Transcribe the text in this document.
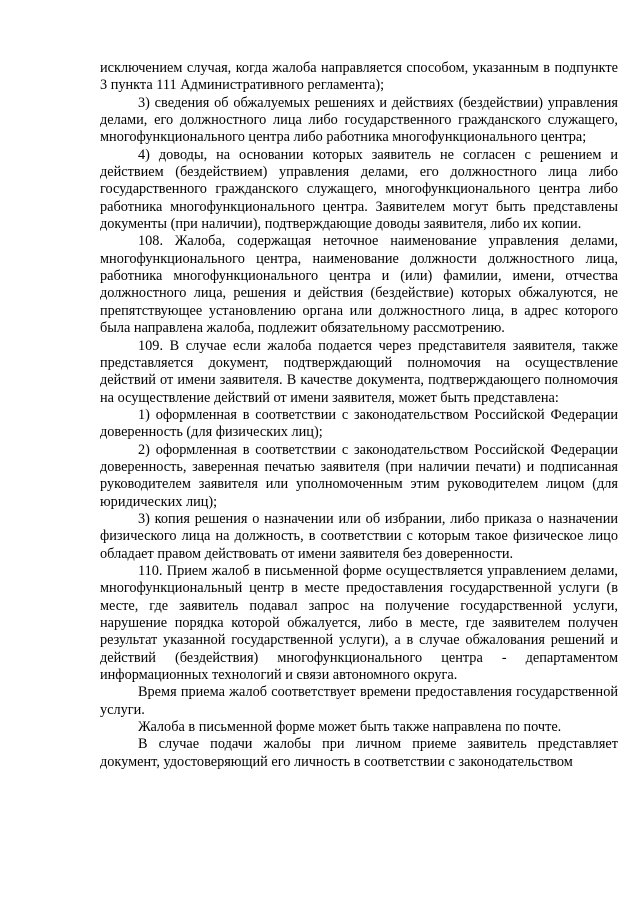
исключением случая, когда жалоба направляется способом, указанным в подпункте 3 пункта 111 Административного регламента);

3) сведения об обжалуемых решениях и действиях (бездействии) управления делами, его должностного лица либо государственного гражданского служащего, многофункционального центра либо работника многофункционального центра;

4) доводы, на основании которых заявитель не согласен с решением и действием (бездействием) управления делами, его должностного лица либо государственного гражданского служащего, многофункционального центра либо работника многофункционального центра. Заявителем могут быть представлены документы (при наличии), подтверждающие доводы заявителя, либо их копии.

108. Жалоба, содержащая неточное наименование управления делами, многофункционального центра, наименование должности должностного лица, работника многофункционального центра и (или) фамилии, имени, отчества должностного лица, решения и действия (бездействие) которых обжалуются, не препятствующее установлению органа или должностного лица, в адрес которого была направлена жалоба, подлежит обязательному рассмотрению.

109. В случае если жалоба подается через представителя заявителя, также представляется документ, подтверждающий полномочия на осуществление действий от имени заявителя. В качестве документа, подтверждающего полномочия на осуществление действий от имени заявителя, может быть представлена:

1) оформленная в соответствии с законодательством Российской Федерации доверенность (для физических лиц);

2) оформленная в соответствии с законодательством Российской Федерации доверенность, заверенная печатью заявителя (при наличии печати) и подписанная руководителем заявителя или уполномоченным этим руководителем лицом (для юридических лиц);

3) копия решения о назначении или об избрании, либо приказа о назначении физического лица на должность, в соответствии с которым такое физическое лицо обладает правом действовать от имени заявителя без доверенности.

110. Прием жалоб в письменной форме осуществляется управлением делами, многофункциональный центр в месте предоставления государственной услуги (в месте, где заявитель подавал запрос на получение государственной услуги, нарушение порядка которой обжалуется, либо в месте, где заявителем получен результат указанной государственной услуги), а в случае обжалования решений и действий (бездействия) многофункционального центра - департаментом информационных технологий и связи автономного округа.

Время приема жалоб соответствует времени предоставления государственной услуги.

Жалоба в письменной форме может быть также направлена по почте.

В случае подачи жалобы при личном приеме заявитель представляет документ, удостоверяющий его личность в соответствии с законодательством
